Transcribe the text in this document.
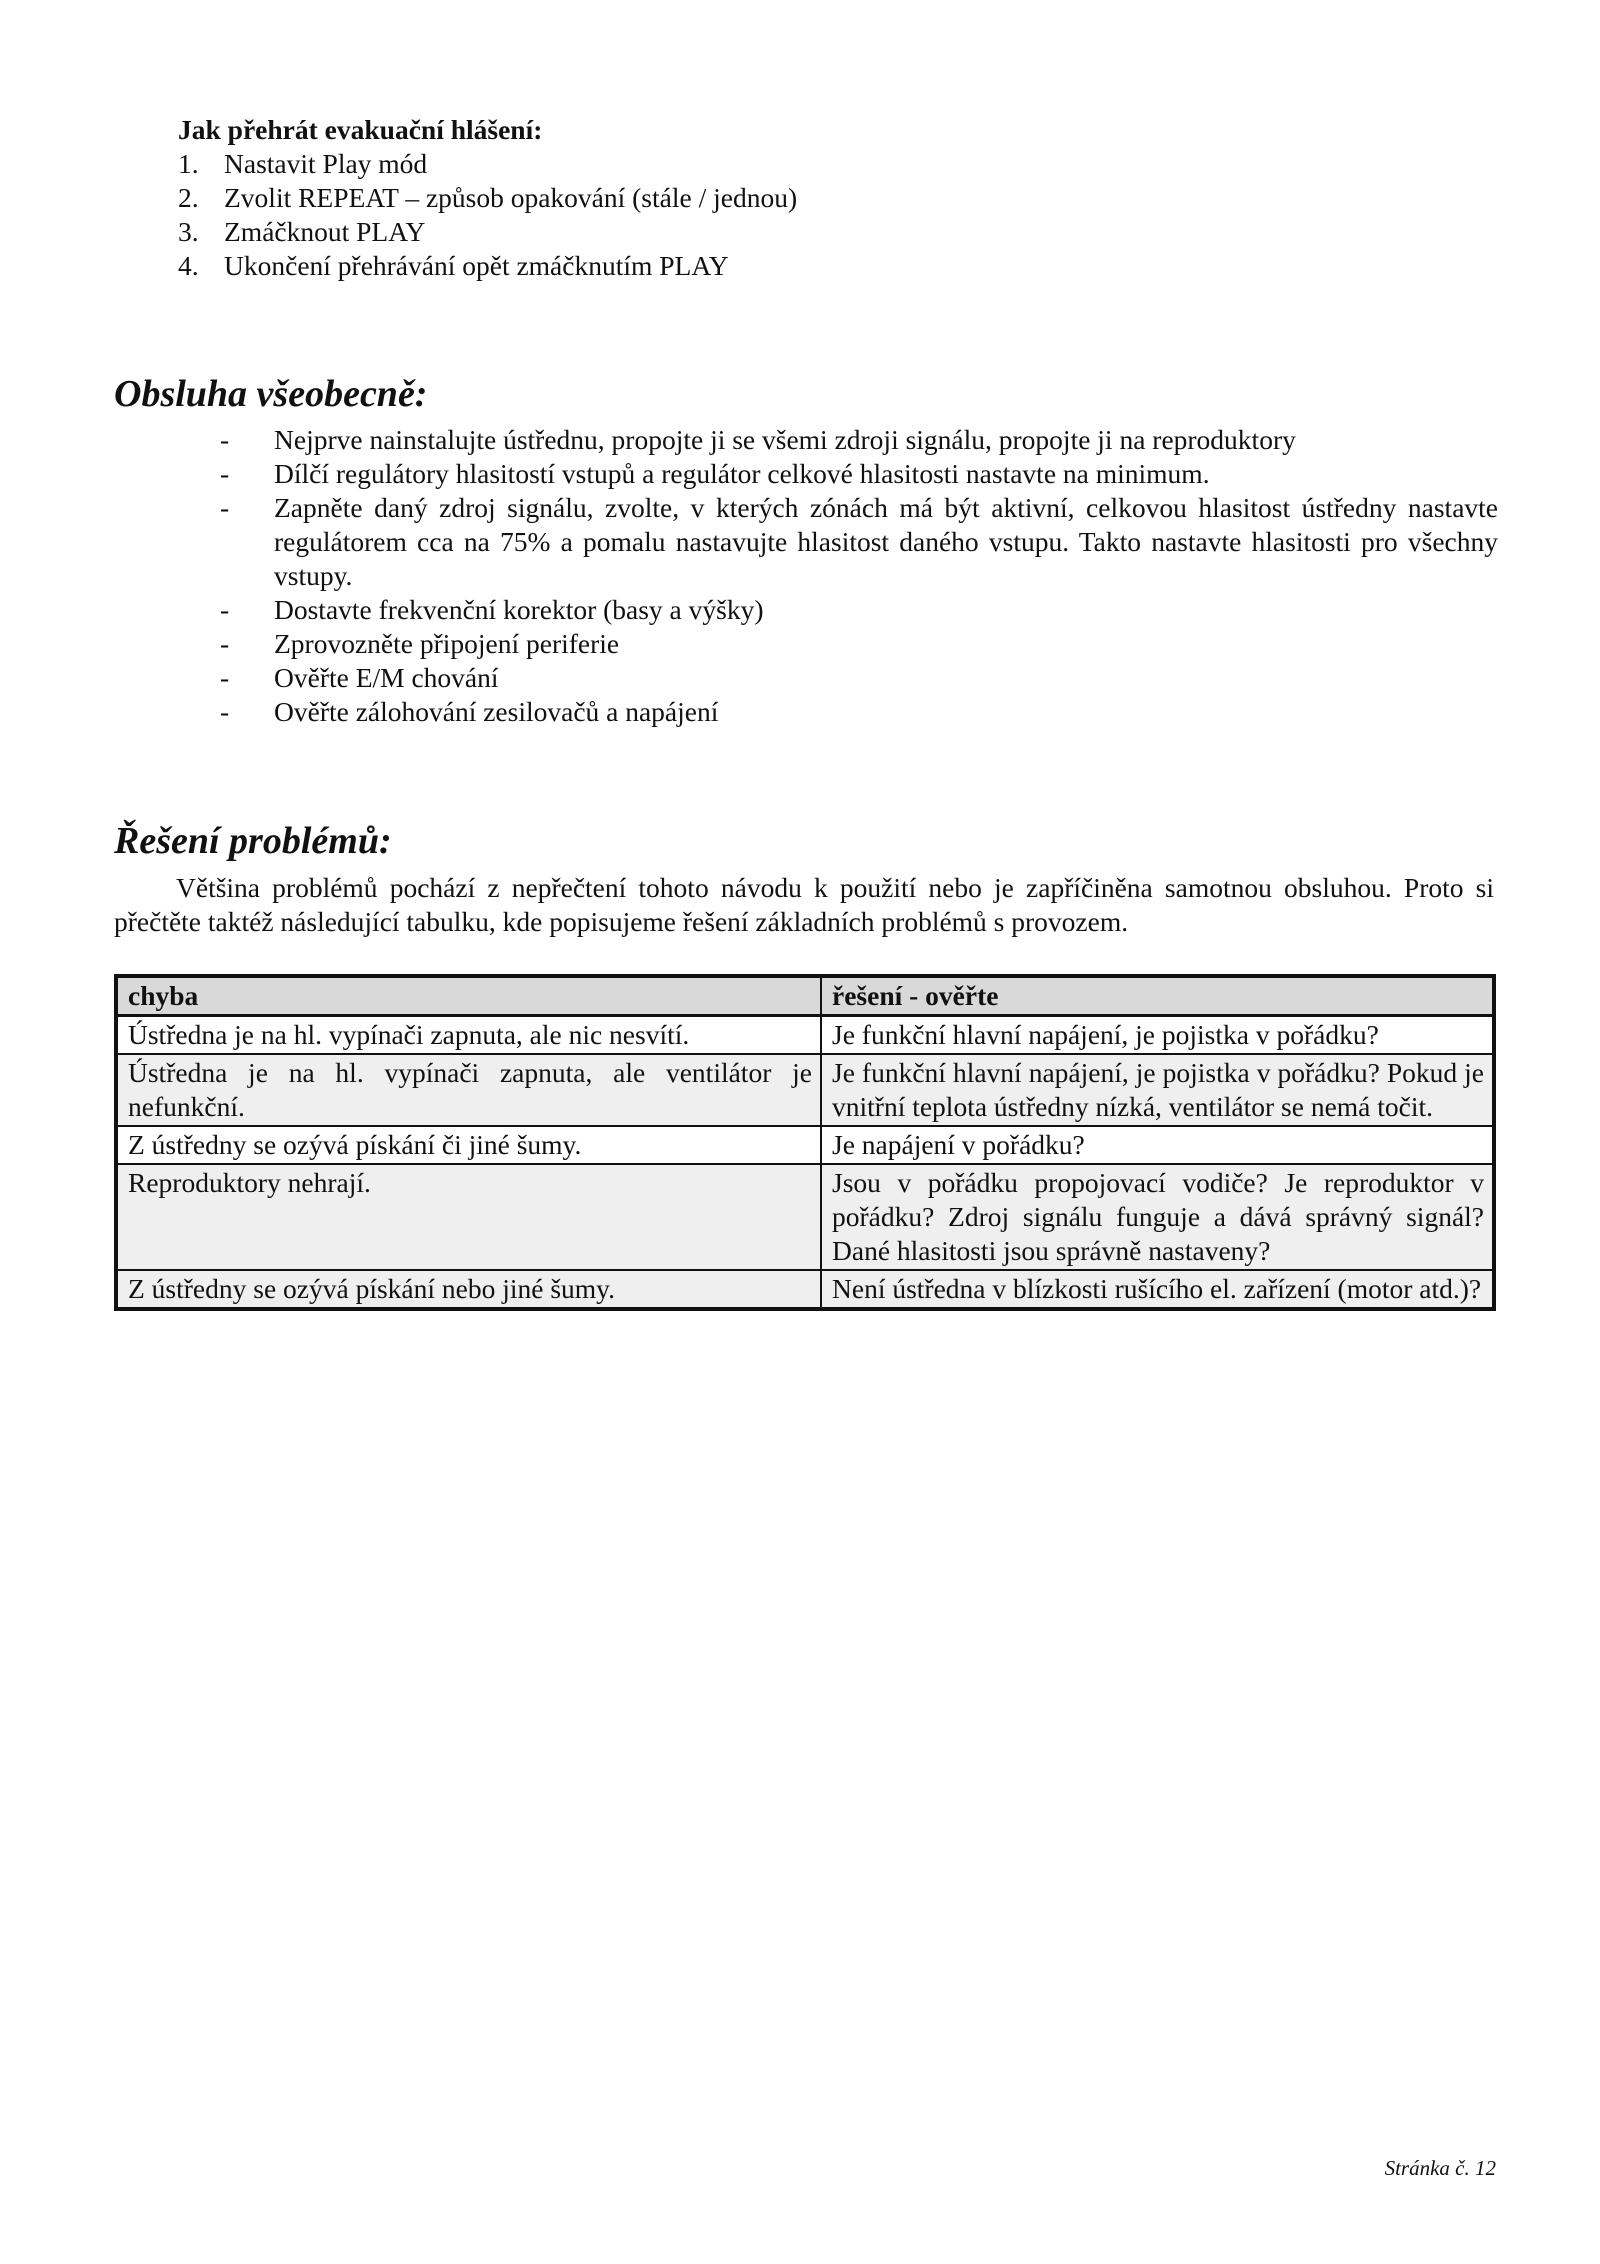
Jak přehrát evakuační hlášení:
1. Nastavit Play mód
2. Zvolit REPEAT – způsob opakování (stále / jednou)
3. Zmáčknout PLAY
4. Ukončení přehrávání opět zmáčknutím PLAY
Obsluha všeobecně:
-	Nejprve nainstalujte ústřednu, propojte ji se všemi zdroji signálu, propojte ji na reproduktory
-	Dílčí regulátory hlasitostí vstupů a regulátor celkové hlasitosti nastavte na minimum.
-	Zapněte daný zdroj signálu, zvolte, v kterých zónách má být aktivní, celkovou hlasitost ústředny nastavte regulátorem cca na 75% a pomalu nastavujte hlasitost daného vstupu. Takto nastavte hlasitosti pro všechny vstupy.
-	Dostavte frekvenční korektor (basy a výšky)
-	Zprovozněte připojení periferie
-	Ověřte E/M chování
-	Ověřte zálohování zesilovačů a napájení
Řešení problémů:

Většina problémů pochází z nepřečtení tohoto návodu k použití nebo je zapříčiněna samotnou obsluhou. Proto si přečtěte taktéž následující tabulku, kde popisujeme řešení základních problémů s provozem.

chyba	řešení - ověřte
Ústředna je na hl. vypínači zapnuta, ale nic nesvítí.	Je funkční hlavní napájení, je pojistka v pořádku?
Ústředna je na hl. vypínači zapnuta, ale ventilátor je nefunkční.	Je funkční hlavní napájení, je pojistka v pořádku? Pokud je vnitřní teplota ústředny nízká, ventilátor se nemá točit.
Z ústředny se ozývá pískání či jiné šumy.	Je napájení v pořádku?
Reproduktory nehrají.	Jsou v pořádku propojovací vodiče? Je reproduktor v pořádku? Zdroj signálu funguje a dává správný signál? Dané hlasitosti jsou správně nastaveny?
Z ústředny se ozývá pískání nebo jiné šumy.	Není ústředna v blízkosti rušícího el. zařízení (motor atd.)?
Stránka č. 12
